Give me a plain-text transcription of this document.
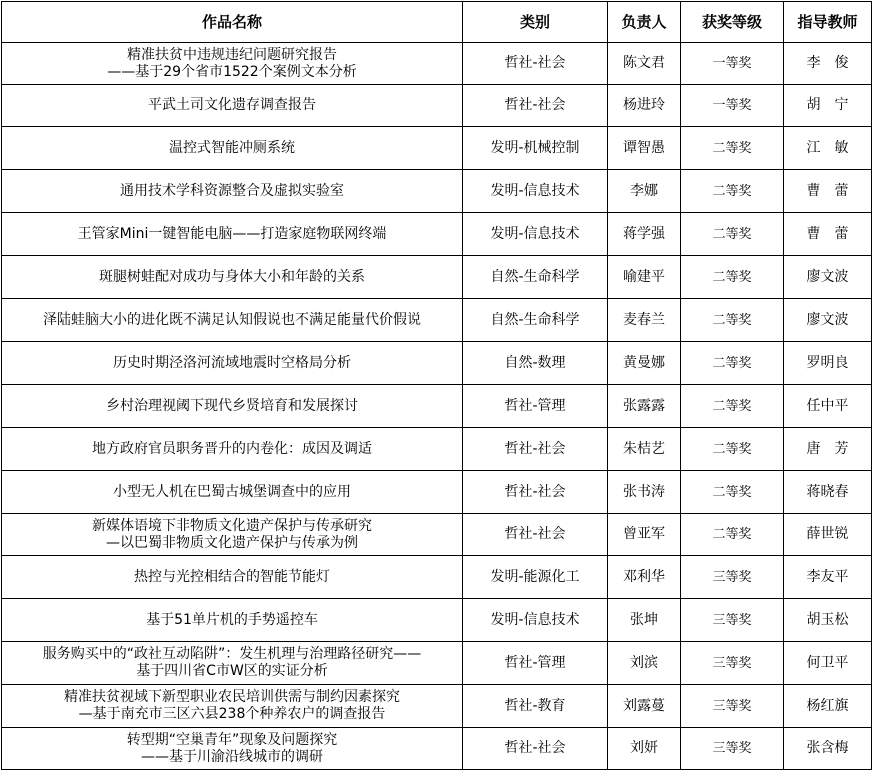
作品名称	类别	负责人	获奖等级	指导教师

精准扶贫中违规违纪问题研究报告
——基于29个省市1522个案例文本分析	哲社-社会	陈文君	一等奖	李　俊

平武土司文化遗存调查报告	哲社-社会	杨进玲	一等奖	胡　宁

温控式智能冲厕系统	发明-机械控制	谭智愚	二等奖	江　敏

通用技术学科资源整合及虚拟实验室	发明-信息技术	李娜	二等奖	曹　蕾

王管家Mini一键智能电脑——打造家庭物联网终端	发明-信息技术	蒋学强	二等奖	曹　蕾

斑腿树蛙配对成功与身体大小和年龄的关系	自然-生命科学	喻建平	二等奖	廖文波

泽陆蛙脑大小的进化既不满足认知假说也不满足能量代价假说	自然-生命科学	麦春兰	二等奖	廖文波

历史时期泾洛河流域地震时空格局分析	自然-数理	黄曼娜	二等奖	罗明良

乡村治理视阈下现代乡贤培育和发展探讨	哲社-管理	张露露	二等奖	任中平

地方政府官员职务晋升的内卷化：成因及调适	哲社-社会	朱桔艺	二等奖	唐　芳

小型无人机在巴蜀古城堡调查中的应用	哲社-社会	张书涛	二等奖	蒋晓春

新媒体语境下非物质文化遗产保护与传承研究
—以巴蜀非物质文化遗产保护与传承为例	哲社-社会	曾亚军	二等奖	薛世锐

热控与光控相结合的智能节能灯	发明-能源化工	邓利华	三等奖	李友平

基于51单片机的手势遥控车	发明-信息技术	张坤	三等奖	胡玉松

服务购买中的“政社互动陷阱”：发生机理与治理路径研究——
基于四川省C市W区的实证分析	哲社-管理	刘滨	三等奖	何卫平

精准扶贫视域下新型职业农民培训供需与制约因素探究
—基于南充市三区六县238个种养农户的调查报告	哲社-教育	刘露蔓	三等奖	杨红旗

转型期“空巢青年”现象及问题探究
——基于川渝沿线城市的调研	哲社-社会	刘妍	三等奖	张含梅
